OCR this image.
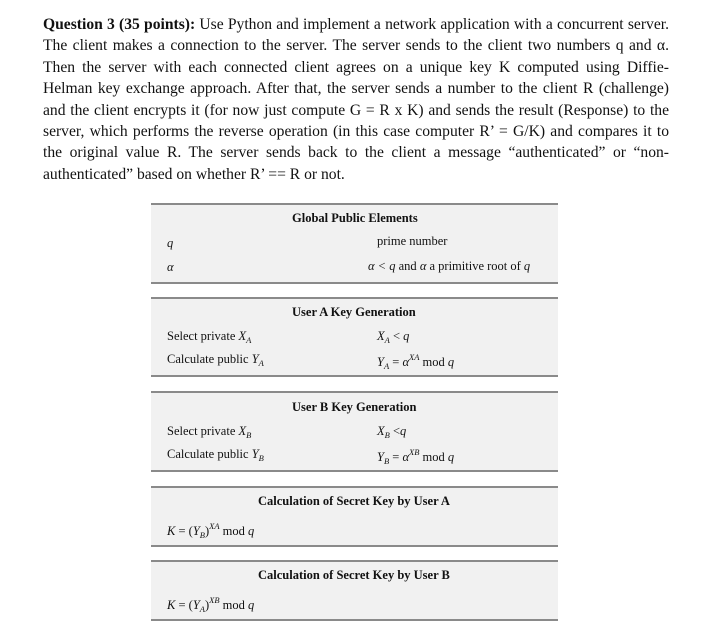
Question 3 (35 points): Use Python and implement a network application with a concurrent server. The client makes a connection to the server. The server sends to the client two numbers q and α. Then the server with each connected client agrees on a unique key K computed using Diffie-Helman key exchange approach. After that, the server sends a number to the client R (challenge) and the client encrypts it (for now just compute G = R x K) and sends the result (Response) to the server, which performs the reverse operation (in this case computer R’ = G/K) and compares it to the original value R. The server sends back to the client a message “authenticated” or “non-authenticated” based on whether R’ == R or not.
Global Public Elements
q	prime number
α	α < q and α a primitive root of q
User A Key Generation
Select private $X_A$	$X_A < q$
Calculate public $Y_A$	$Y_A = \alpha^{XA}$ mod q
User B Key Generation
Select private $X_B$	$X_B <q$
Calculate public $Y_B$	$Y_B = \alpha^{XB}$ mod q
Calculation of Secret Key by User A
$K = (Y_B)^{XA}$ mod q
Calculation of Secret Key by User B
$K = (Y_A)^{XB}$ mod q
